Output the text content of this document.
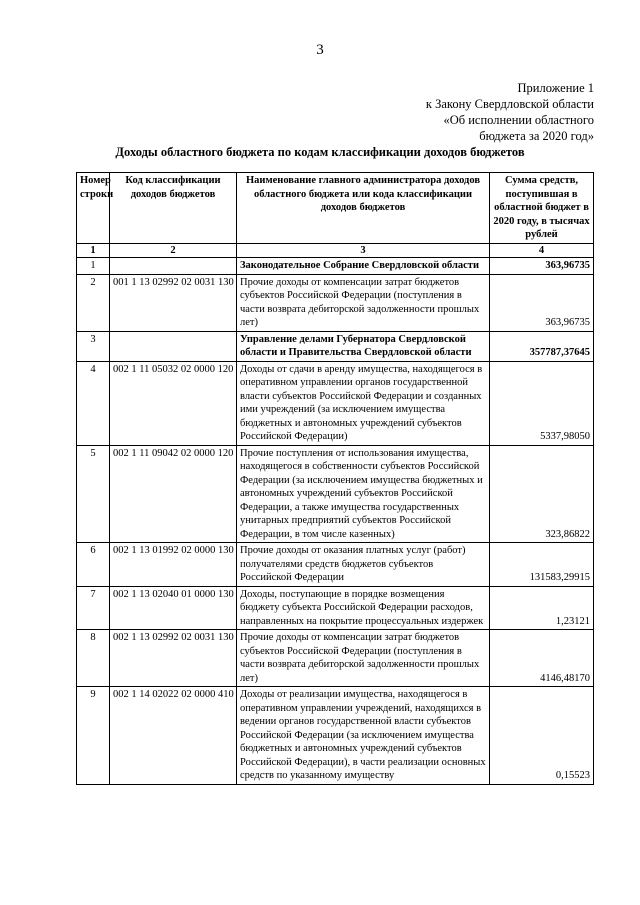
3
Приложение 1
к Закону Свердловской области
«Об исполнении областного
бюджета за 2020 год»
Доходы областного бюджета по кодам классификации доходов бюджетов
Номер строки	Код классификации доходов бюджетов	Наименование главного администратора доходов областного бюджета или кода классификации доходов бюджетов	Сумма средств, поступившая в областной бюджет в 2020 году, в тысячах рублей
1	2	3	4
1		Законодательное Собрание Свердловской области	363,96735
2	001 1 13 02992 02 0031 130	Прочие доходы от компенсации затрат бюджетов субъектов Российской Федерации (поступления в части возврата дебиторской задолженности прошлых лет)	363,96735
3		Управление делами Губернатора Свердловской области и Правительства Свердловской области	357787,37645
4	002 1 11 05032 02 0000 120	Доходы от сдачи в аренду имущества, находящегося в оперативном управлении органов государственной власти субъектов Российской Федерации и созданных ими учреждений (за исключением имущества бюджетных и автономных учреждений субъектов Российской Федерации)	5337,98050
5	002 1 11 09042 02 0000 120	Прочие поступления от использования имущества, находящегося в собственности субъектов Российской Федерации (за исключением имущества бюджетных и автономных учреждений субъектов Российской Федерации, а также имущества государственных унитарных предприятий субъектов Российской Федерации, в том числе казенных)	323,86822
6	002 1 13 01992 02 0000 130	Прочие доходы от оказания платных услуг (работ) получателями средств бюджетов субъектов Российской Федерации	131583,29915
7	002 1 13 02040 01 0000 130	Доходы, поступающие в порядке возмещения бюджету субъекта Российской Федерации расходов, направленных на покрытие процессуальных издержек	1,23121
8	002 1 13 02992 02 0031 130	Прочие доходы от компенсации затрат бюджетов субъектов Российской Федерации (поступления в части возврата дебиторской задолженности прошлых лет)	4146,48170
9	002 1 14 02022 02 0000 410	Доходы от реализации имущества, находящегося в оперативном управлении учреждений, находящихся в ведении органов государственной власти субъектов Российской Федерации (за исключением имущества бюджетных и автономных учреждений субъектов Российской Федерации), в части реализации основных средств по указанному имуществу	0,15523
